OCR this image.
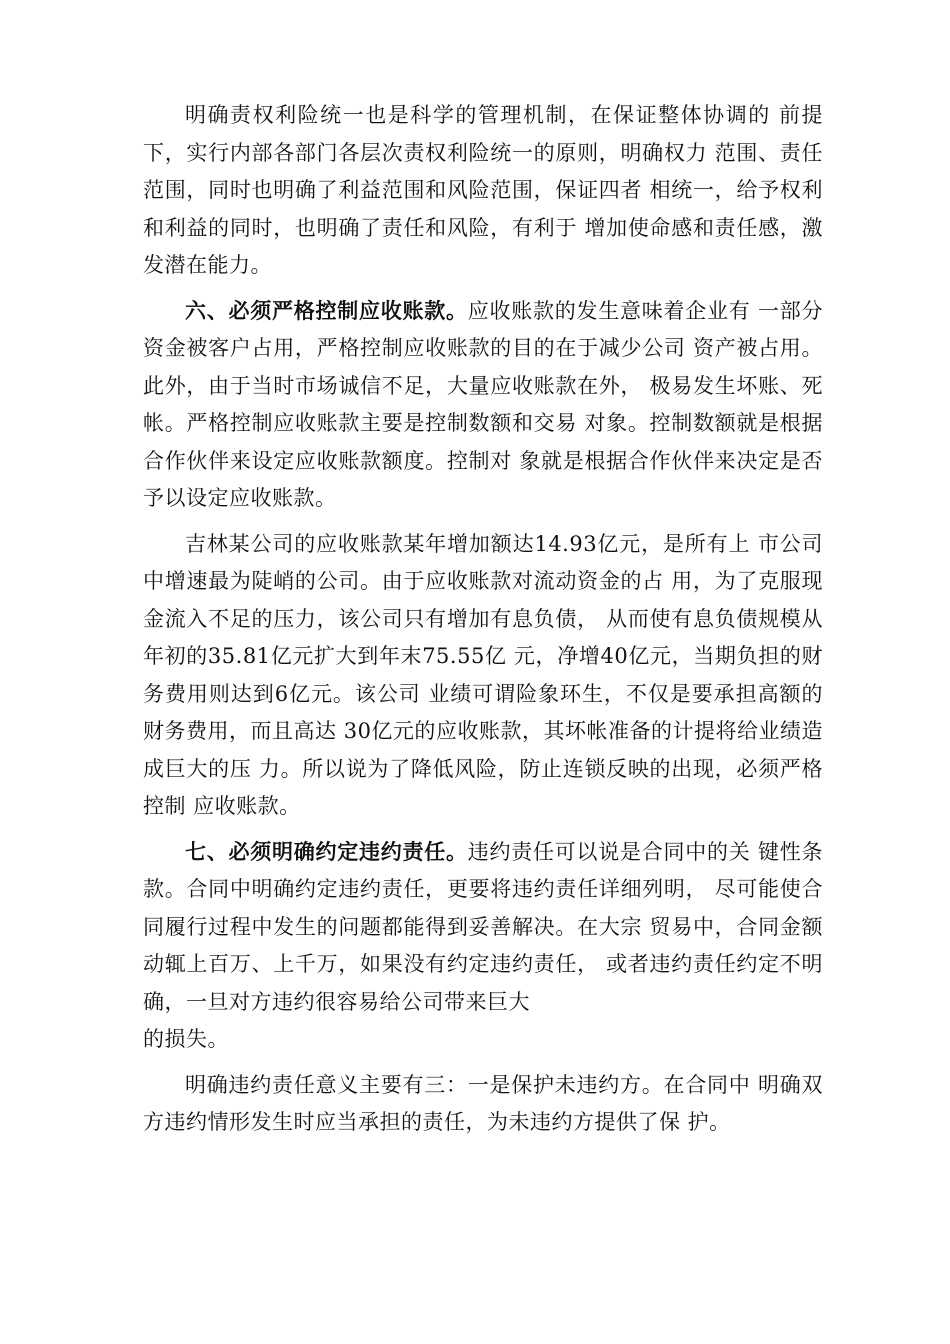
明确责权利险统一也是科学的管理机制，在保证整体协调的 前提下，实行内部各部门各层次责权利险统一的原则，明确权力 范围、责任范围，同时也明确了利益范围和风险范围，保证四者 相统一，给予权利和利益的同时，也明确了责任和风险，有利于 增加使命感和责任感，激发潜在能力。

六、必须严格控制应收账款。应收账款的发生意味着企业有 一部分资金被客户占用，严格控制应收账款的目的在于减少公司 资产被占用。此外，由于当时市场诚信不足，大量应收账款在外， 极易发生坏账、死帐。严格控制应收账款主要是控制数额和交易 对象。控制数额就是根据合作伙伴来设定应收账款额度。控制对 象就是根据合作伙伴来决定是否予以设定应收账款。

吉林某公司的应收账款某年增加额达14.93亿元，是所有上 市公司中增速最为陡峭的公司。由于应收账款对流动资金的占 用，为了克服现金流入不足的压力，该公司只有增加有息负债， 从而使有息负债规模从年初的35.81亿元扩大到年末75.55亿 元，净增40亿元，当期负担的财务费用则达到6亿元。该公司 业绩可谓险象环生，不仅是要承担高额的财务费用，而且高达 30亿元的应收账款，其坏帐准备的计提将给业绩造成巨大的压 力。所以说为了降低风险，防止连锁反映的出现，必须严格控制 应收账款。

七、必须明确约定违约责任。违约责任可以说是合同中的关 键性条款。合同中明确约定违约责任，更要将违约责任详细列明， 尽可能使合同履行过程中发生的问题都能得到妥善解决。在大宗 贸易中，合同金额动辄上百万、上千万，如果没有约定违约责任， 或者违约责任约定不明确，一旦对方违约很容易给公司带来巨大
的损失。

明确违约责任意义主要有三：一是保护未违约方。在合同中 明确双方违约情形发生时应当承担的责任，为未违约方提供了保 护。
